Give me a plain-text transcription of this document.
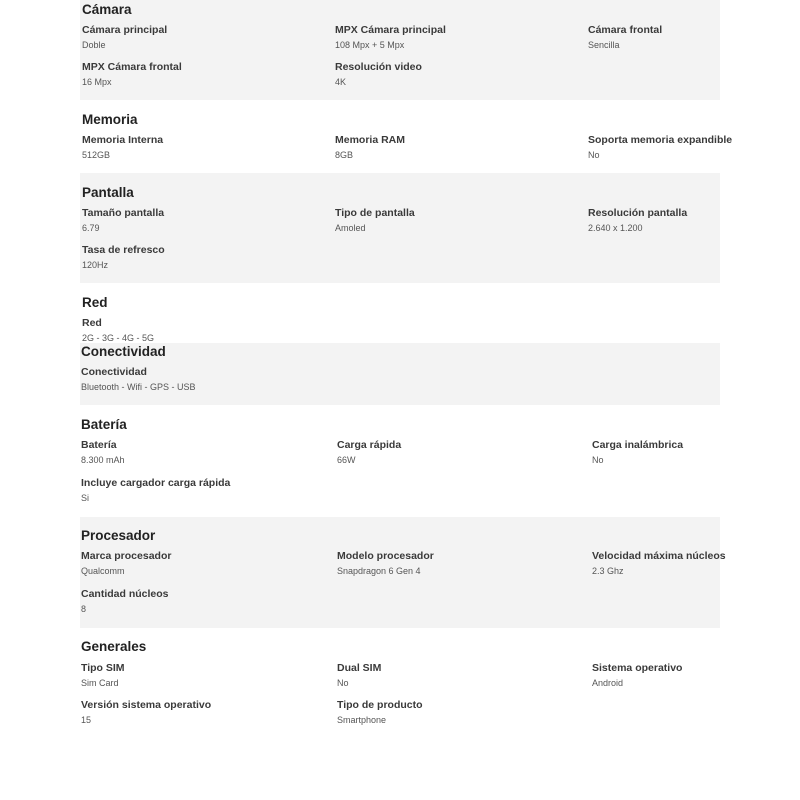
Cámara
Cámara principal
Doble
MPX Cámara principal
108 Mpx + 5 Mpx
Cámara frontal
Sencilla
MPX Cámara frontal
16 Mpx
Resolución video
4K
Memoria
Memoria Interna
512GB
Memoria RAM
8GB
Soporta memoria expandible
No
Pantalla
Tamaño pantalla
6.79
Tipo de pantalla
Amoled
Resolución pantalla
2.640 x 1.200
Tasa de refresco
120Hz
Red
Red
2G - 3G - 4G - 5G
Conectividad
Conectividad
Bluetooth - Wifi - GPS - USB
Batería
Batería
8.300 mAh
Carga rápida
66W
Carga inalámbrica
No
Incluye cargador carga rápida
Si
Procesador
Marca procesador
Qualcomm
Modelo procesador
Snapdragon 6 Gen 4
Velocidad máxima núcleos
2.3 Ghz
Cantidad núcleos
8
Generales
Tipo SIM
Sim Card
Dual SIM
No
Sistema operativo
Android
Versión sistema operativo
15
Tipo de producto
Smartphone
